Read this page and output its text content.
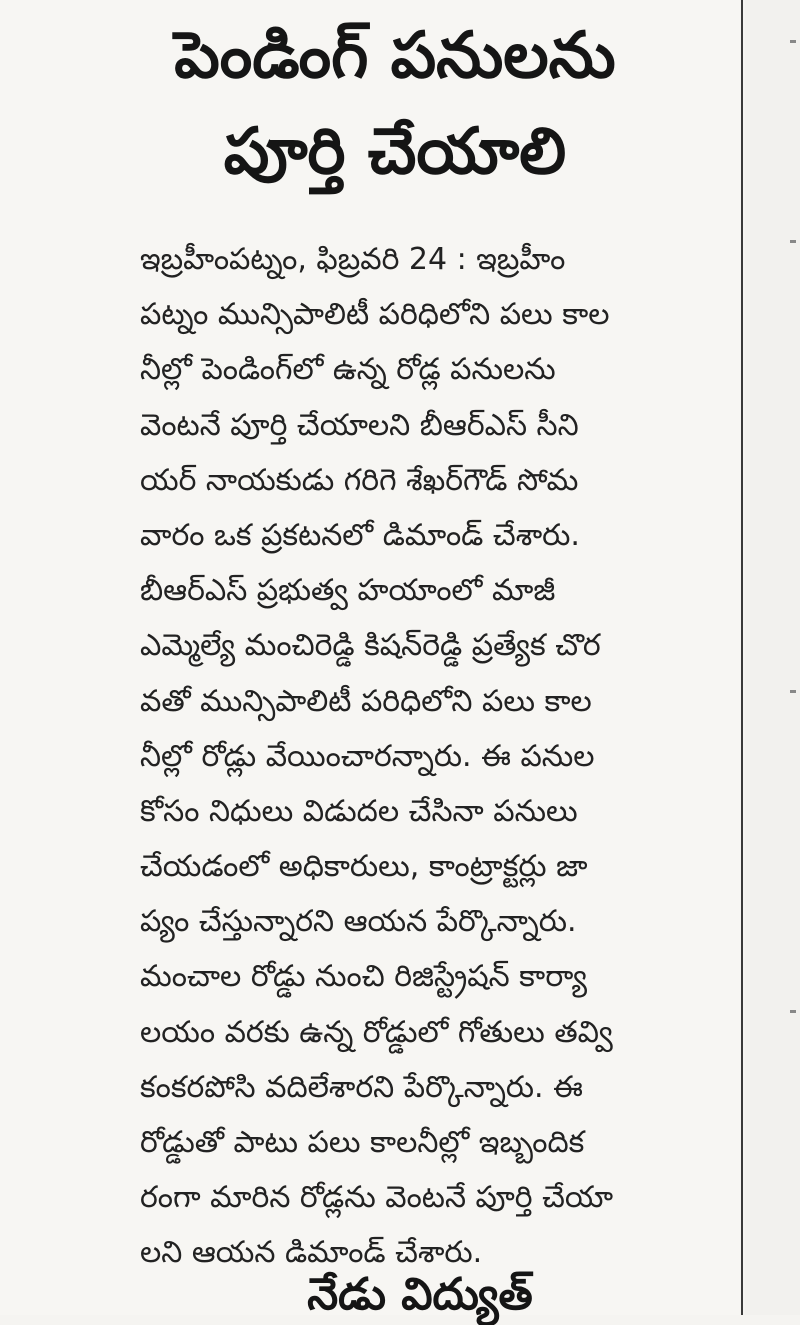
పెండింగ్ పనులను
పూర్తి చేయాలి
ఇబ్రహీంపట్నం, ఫిబ్రవరి 24 : ఇబ్రహీం
పట్నం మున్సిపాలిటీ పరిధిలోని పలు కాల
నీల్లో పెండింగ్‌లో ఉన్న రోడ్ల పనులను
వెంటనే పూర్తి చేయాలని బీఆర్ఎస్ సీని
యర్ నాయకుడు గరిగె శేఖర్‌గౌడ్ సోమ
వారం ఒక ప్రకటనలో డిమాండ్ చేశారు.
బీఆర్ఎస్ ప్రభుత్వ హయాంలో మాజీ
ఎమ్మెల్యే మంచిరెడ్డి కిషన్‌రెడ్డి ప్రత్యేక చొర
వతో మున్సిపాలిటీ పరిధిలోని పలు కాల
నీల్లో రోడ్లు వేయించారన్నారు. ఈ పనుల
కోసం నిధులు విడుదల చేసినా పనులు
చేయడంలో అధికారులు, కాంట్రాక్టర్లు జా
ప్యం చేస్తున్నారని ఆయన పేర్కొన్నారు.
మంచాల రోడ్డు నుంచి రిజిస్ట్రేషన్ కార్యా
లయం వరకు ఉన్న రోడ్డులో గోతులు తవ్వి
కంకరపోసి వదిలేశారని పేర్కొన్నారు. ఈ
రోడ్డుతో పాటు పలు కాలనీల్లో ఇబ్బందిక
రంగా మారిన రోడ్లను వెంటనే పూర్తి చేయా
లని ఆయన డిమాండ్ చేశారు.
నేడు విద్యుత్
